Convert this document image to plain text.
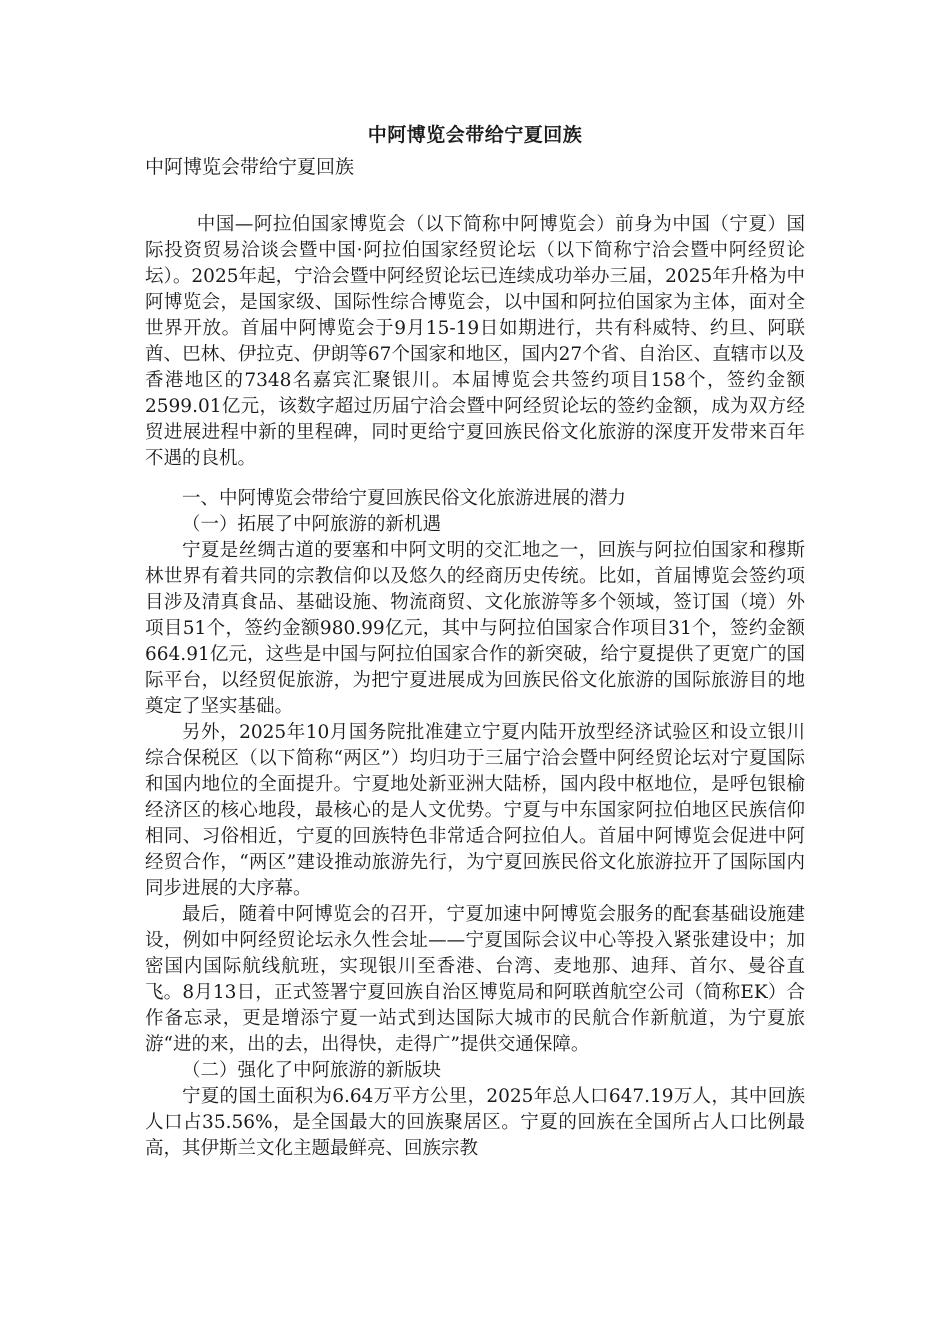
中阿博览会带给宁夏回族

中阿博览会带给宁夏回族

中国—阿拉伯国家博览会（以下简称中阿博览会）前身为中国（宁夏）国际投资贸易洽谈会暨中国·阿拉伯国家经贸论坛（以下简称宁洽会暨中阿经贸论坛）。2025年起，宁洽会暨中阿经贸论坛已连续成功举办三届，2025年升格为中阿博览会，是国家级、国际性综合博览会，以中国和阿拉伯国家为主体，面对全世界开放。首届中阿博览会于9月15-19日如期进行，共有科威特、约旦、阿联酋、巴林、伊拉克、伊朗等67个国家和地区，国内27个省、自治区、直辖市以及香港地区的7348名嘉宾汇聚银川。本届博览会共签约项目158个，签约金额2599.01亿元，该数字超过历届宁洽会暨中阿经贸论坛的签约金额，成为双方经贸进展进程中新的里程碑，同时更给宁夏回族民俗文化旅游的深度开发带来百年不遇的良机。

一、中阿博览会带给宁夏回族民俗文化旅游进展的潜力

（一）拓展了中阿旅游的新机遇

宁夏是丝绸古道的要塞和中阿文明的交汇地之一，回族与阿拉伯国家和穆斯林世界有着共同的宗教信仰以及悠久的经商历史传统。比如，首届博览会签约项目涉及清真食品、基础设施、物流商贸、文化旅游等多个领域，签订国（境）外项目51个，签约金额980.99亿元，其中与阿拉伯国家合作项目31个，签约金额664.91亿元，这些是中国与阿拉伯国家合作的新突破，给宁夏提供了更宽广的国际平台，以经贸促旅游，为把宁夏进展成为回族民俗文化旅游的国际旅游目的地奠定了坚实基础。

另外，2025年10月国务院批准建立宁夏内陆开放型经济试验区和设立银川综合保税区（以下简称“两区”）均归功于三届宁洽会暨中阿经贸论坛对宁夏国际和国内地位的全面提升。宁夏地处新亚洲大陆桥，国内段中枢地位，是呼包银榆经济区的核心地段，最核心的是人文优势。宁夏与中东国家阿拉伯地区民族信仰相同、习俗相近，宁夏的回族特色非常适合阿拉伯人。首届中阿博览会促进中阿经贸合作，“两区”建设推动旅游先行，为宁夏回族民俗文化旅游拉开了国际国内同步进展的大序幕。

最后，随着中阿博览会的召开，宁夏加速中阿博览会服务的配套基础设施建设，例如中阿经贸论坛永久性会址——宁夏国际会议中心等投入紧张建设中；加密国内国际航线航班，实现银川至香港、台湾、麦地那、迪拜、首尔、曼谷直飞。8月13日，正式签署宁夏回族自治区博览局和阿联酋航空公司（简称EK）合作备忘录，更是增添宁夏一站式到达国际大城市的民航合作新航道，为宁夏旅游“进的来，出的去，出得快，走得广”提供交通保障。

（二）强化了中阿旅游的新版块

宁夏的国土面积为6.64万平方公里，2025年总人口647.19万人，其中回族人口占35.56%，是全国最大的回族聚居区。宁夏的回族在全国所占人口比例最高，其伊斯兰文化主题最鲜亮、回族宗教
